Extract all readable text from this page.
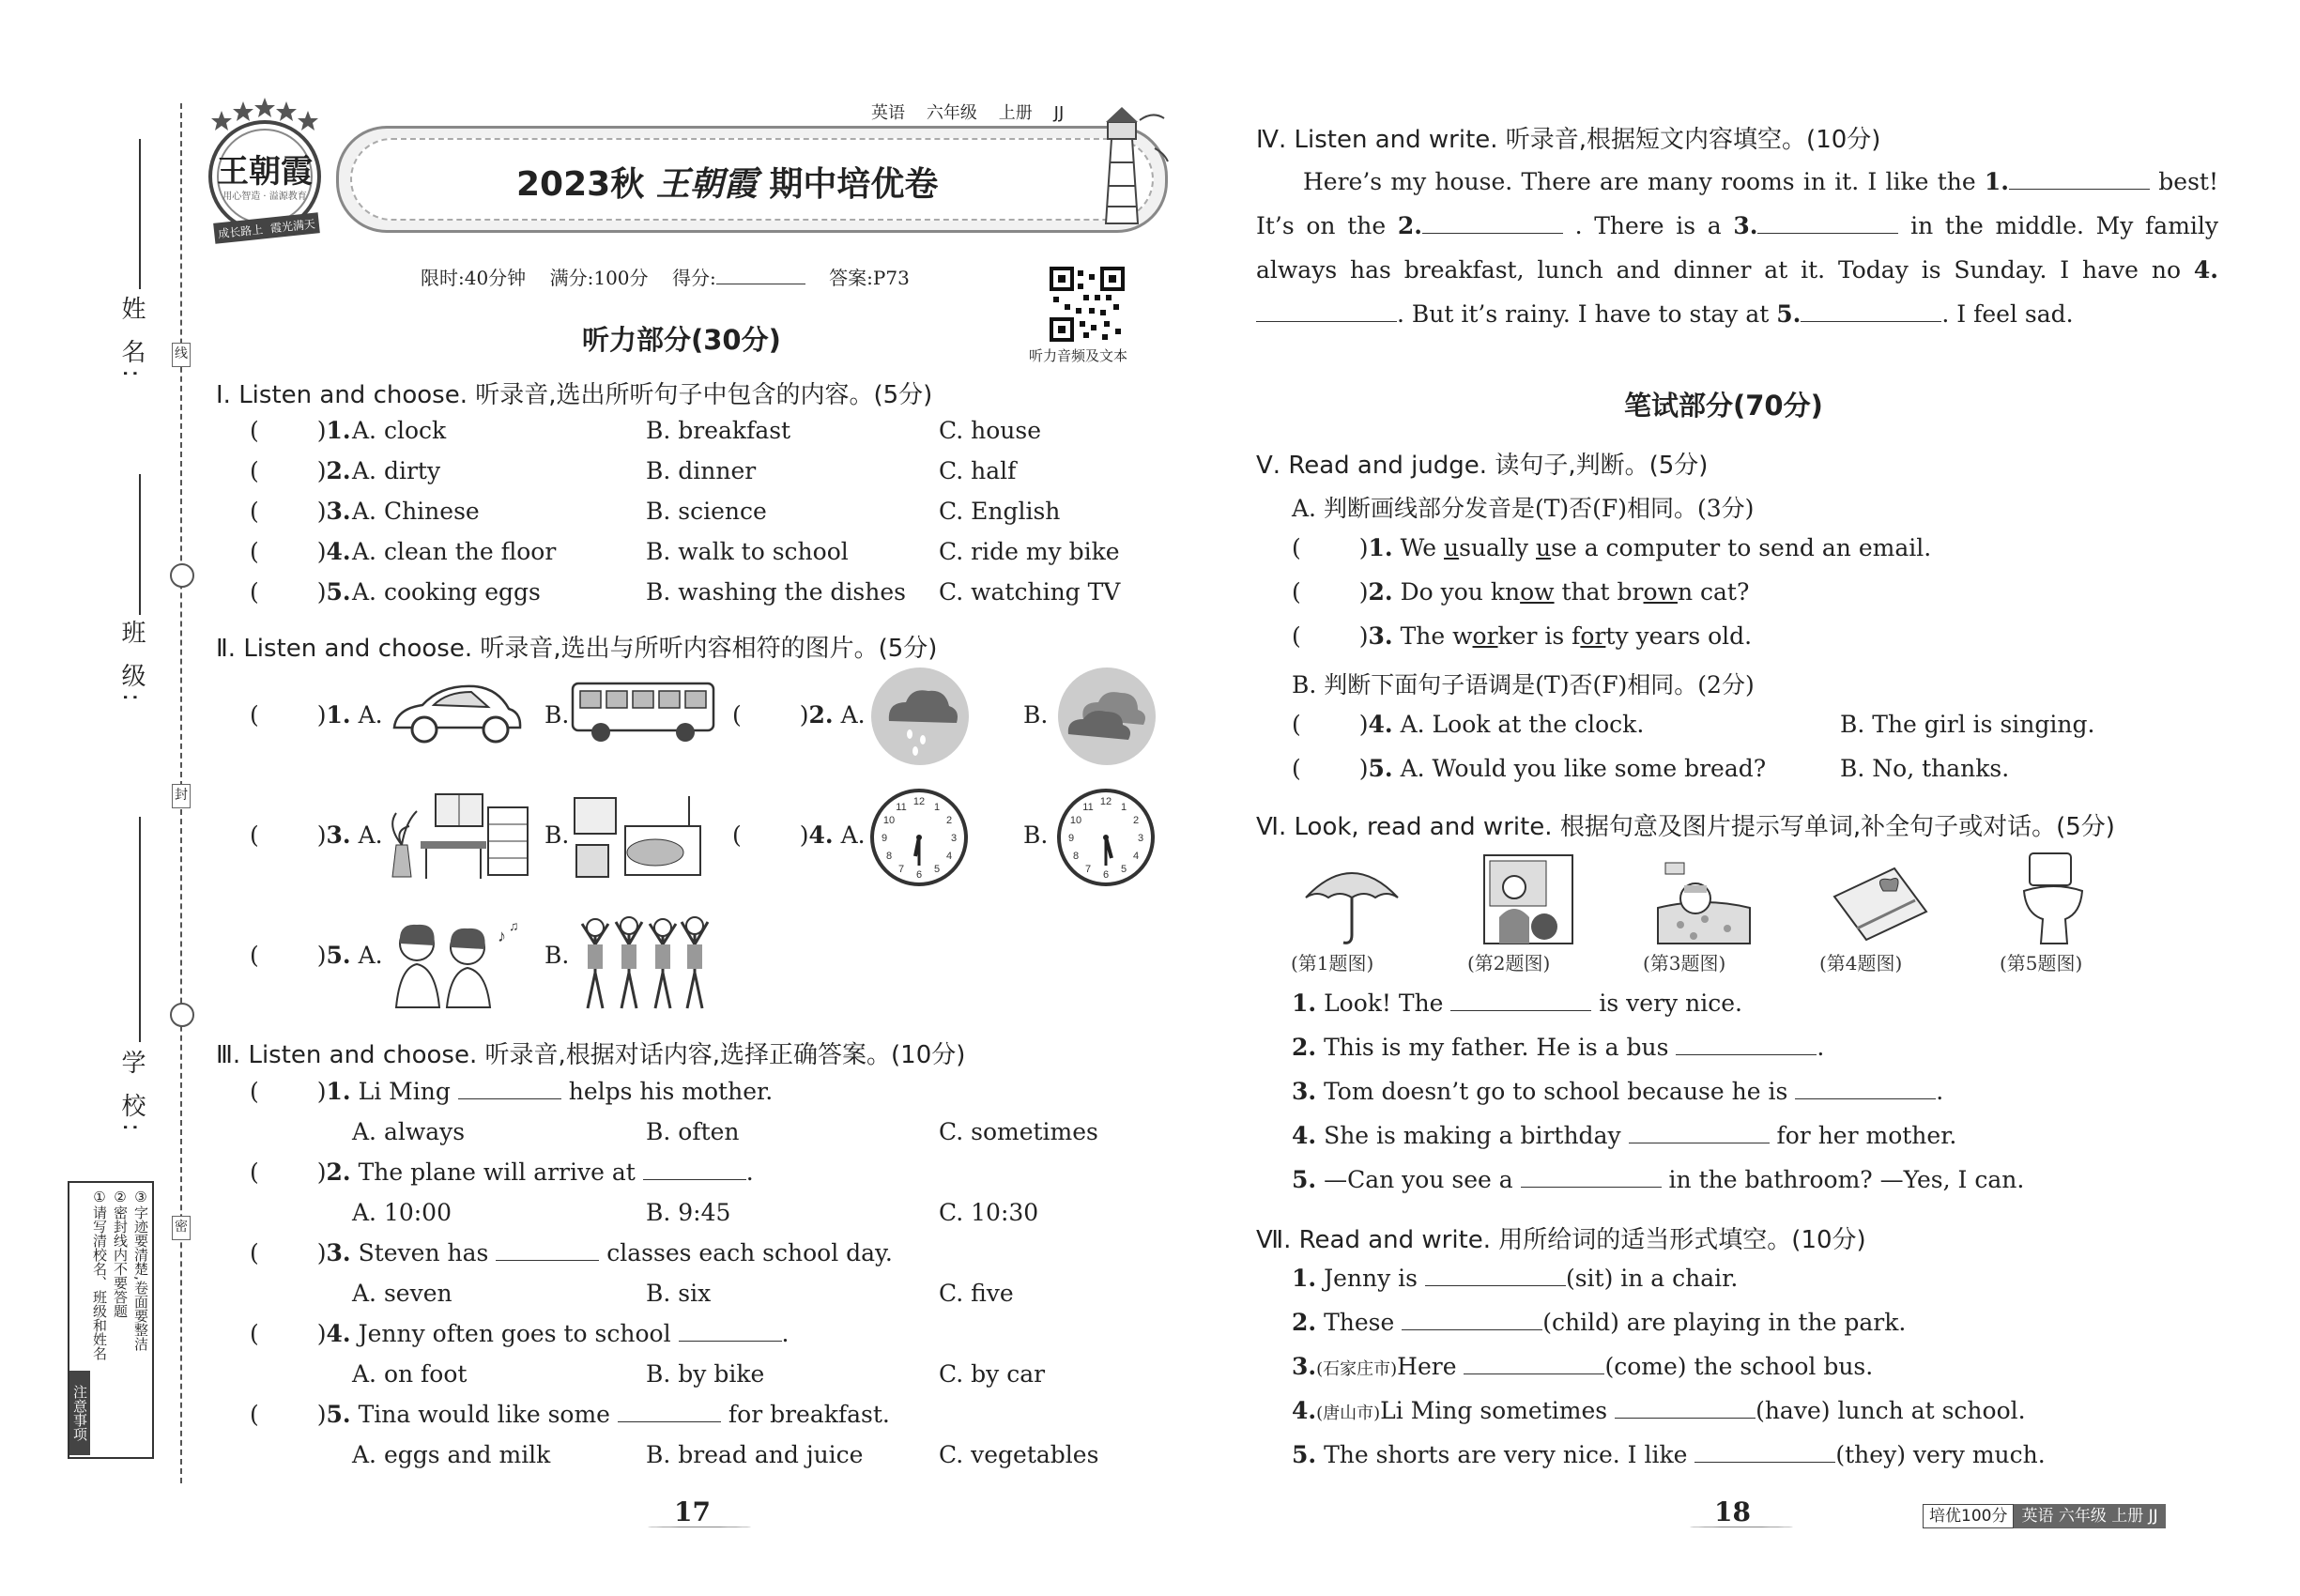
姓 名:
班 级:
学 校:
线
封
密
注意事项
①请写清校名、班级和姓名 ②密封线内不要答题 ③字迹要清楚,卷面要整洁
王朝霞
用心智造 · 溢源教育
成长路上 霞光满天
英语 六年级 上册 JJ
2023秋 王朝霞 期中培优卷
限时:40分钟 满分:100分 得分:	答案:P73
听力音频及文本
听力部分(30分)
Ⅰ. Listen and choose. 听录音,选出所听句子中包含的内容。(5分)
( )1. A. clock	B. breakfast	C. house
( )2. A. dirty	B. dinner	C. half
( )3. A. Chinese	B. science	C. English
( )4. A. clean the floor	B. walk to school	C. ride my bike
( )5. A. cooking eggs	B. washing the dishes C. watching TV
Ⅱ. Listen and choose. 听录音,选出与所听内容相符的图片。(5分)
( )1. A.	B.	( )2. A.	B.
( )3. A.	B.	( )4. A.
12 1
2
3
4
5
6
7
8
9
10
11
B.
12 1
2
3
4
5
6
7
8
9
10
11
( )5. A.
♪
♫
B.
Ⅲ. Listen and choose. 听录音,根据对话内容,选择正确答案。(10分)
( )1. Li Ming	helps his mother.
A. always	B. often	C. sometimes
( )2. The plane will arrive at	.
A. 10:00	B. 9:45	C. 10:30
( )3. Steven has	classes each school day.
A. seven	B. six	C. five
( )4. Jenny often goes to school	.
A. on foot	B. by bike	C. by car
( )5. Tina would like some	for breakfast.
A. eggs and milk	B. bread and juice	C. vegetables
17
Ⅳ. Listen and write. 听录音,根据短文内容填空。(10分)
  Here’s my house. There are many rooms in it. I like the 1.	best! It’s on the 2.	. There is a 3.	in the middle. My family always has breakfast, lunch and dinner at it. Today is Sunday. I have no 4.. But it’s rainy. I have to stay at 5.	. I feel sad.
笔试部分(70分)
Ⅴ. Read and judge. 读句子,判断。(5分)
A. 判断画线部分发音是(T)否(F)相同。(3分)
( )1. We usually use a computer to send an email.
( )2. Do you know that brown cat?
( )3. The worker is forty years old.
B. 判断下面句子语调是(T)否(F)相同。(2分)
( )4. A. Look at the clock.	B. The girl is singing.
( )5. A. Would you like some bread?	B. No, thanks.
Ⅵ. Look, read and write. 根据句意及图片提示写单词,补全句子或对话。(5分)
(第1题图)	(第2题图)	(第3题图)	(第4题图)	(第5题图)
1. Look! The	is very nice.
2. This is my father. He is a bus	.
3. Tom doesn’t go to school because he is	.
4. She is making a birthday	for her mother.
5. —Can you see a	in the bathroom? —Yes, I can.
Ⅶ. Read and write. 用所给词的适当形式填空。(10分)
1. Jenny is	(sit) in a chair.
2. These	(child) are playing in the park.
3.(石家庄市)Here	(come) the school bus.
4.(唐山市)Li Ming sometimes	(have) lunch at school.
5. The shorts are very nice. I like	(they) very much.
18	培优100分 英语 六年级 上册 JJ
